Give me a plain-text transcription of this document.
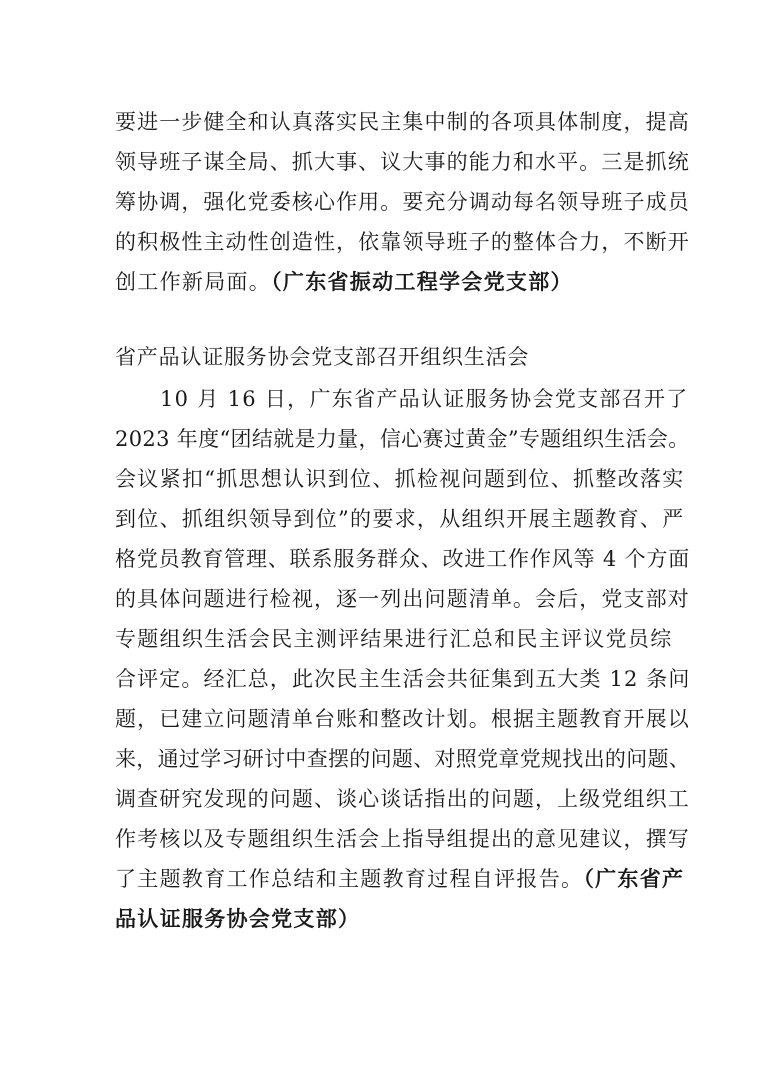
要进一步健全和认真落实民主集中制的各项具体制度，提高
领导班子谋全局、抓大事、议大事的能力和水平。三是抓统
筹协调，强化党委核心作用。要充分调动每名领导班子成员
的积极性主动性创造性，依靠领导班子的整体合力，不断开
创工作新局面。（广东省振动工程学会党支部）
省产品认证服务协会党支部召开组织生活会
10 月 16 日，广东省产品认证服务协会党支部召开了
2023 年度“团结就是力量，信心赛过黄金”专题组织生活会。
会议紧扣“抓思想认识到位、抓检视问题到位、抓整改落实
到位、抓组织领导到位”的要求，从组织开展主题教育、严
格党员教育管理、联系服务群众、改进工作作风等 4 个方面
的具体问题进行检视，逐一列出问题清单。会后，党支部对
专题组织生活会民主测评结果进行汇总和民主评议党员综
合评定。经汇总，此次民主生活会共征集到五大类 12 条问
题，已建立问题清单台账和整改计划。根据主题教育开展以
来，通过学习研讨中查摆的问题、对照党章党规找出的问题、
调查研究发现的问题、谈心谈话指出的问题，上级党组织工
作考核以及专题组织生活会上指导组提出的意见建议，撰写
了主题教育工作总结和主题教育过程自评报告。（广东省产
品认证服务协会党支部）
